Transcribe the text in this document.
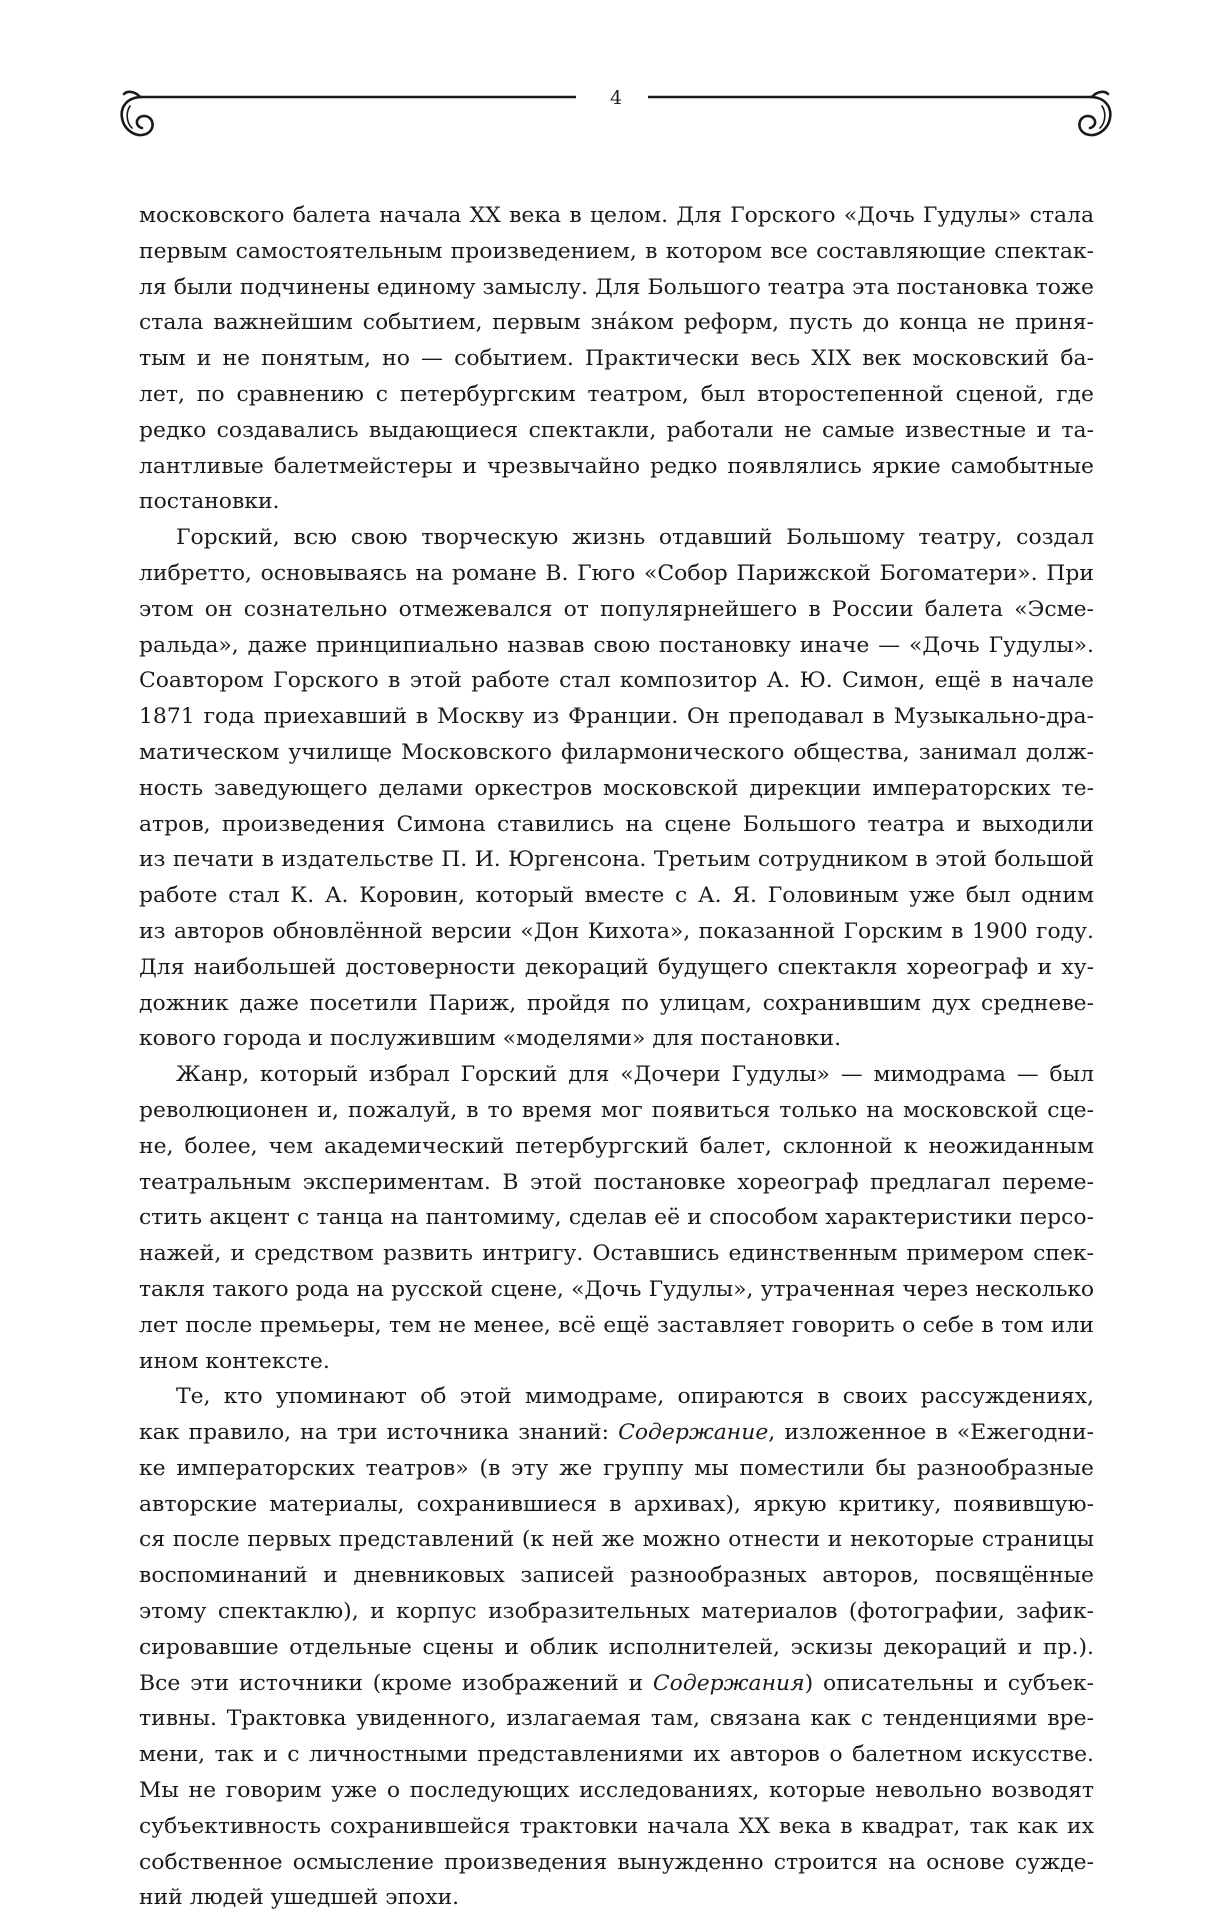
4
московского балета начала XX века в целом. Для Горского «Дочь Гудулы» стала
первым самостоятельным произведением, в котором все составляющие спектак-
ля были подчинены единому замыслу. Для Большого театра эта постановка тоже
стала важнейшим событием, первым зна́ком реформ, пусть до конца не приня-
тым и не понятым, но — событием. Практически весь XIX век московский ба-
лет, по сравнению с петербургским театром, был второстепенной сценой, где
редко создавались выдающиеся спектакли, работали не самые известные и та-
лантливые балетмейстеры и чрезвычайно редко появлялись яркие самобытные
постановки.
Горский, всю свою творческую жизнь отдавший Большому театру, создал
либретто, основываясь на романе В. Гюго «Собор Парижской Богоматери». При
этом он сознательно отмежевался от популярнейшего в России балета «Эсме-
ральда», даже принципиально назвав свою постановку иначе — «Дочь Гудулы».
Соавтором Горского в этой работе стал композитор А. Ю. Симон, ещё в начале
1871 года приехавший в Москву из Франции. Он преподавал в Музыкально-дра-
матическом училище Московского филармонического общества, занимал долж-
ность заведующего делами оркестров московской дирекции императорских те-
атров, произведения Симона ставились на сцене Большого театра и выходили
из печати в издательстве П. И. Юргенсона. Третьим сотрудником в этой большой
работе стал К. А. Коровин, который вместе с А. Я. Головиным уже был одним
из авторов обновлённой версии «Дон Кихота», показанной Горским в 1900 году.
Для наибольшей достоверности декораций будущего спектакля хореограф и ху-
дожник даже посетили Париж, пройдя по улицам, сохранившим дух средневе-
кового города и послужившим «моделями» для постановки.
Жанр, который избрал Горский для «Дочери Гудулы» — мимодрама — был
революционен и, пожалуй, в то время мог появиться только на московской сце-
не, более, чем академический петербургский балет, склонной к неожиданным
театральным экспериментам. В этой постановке хореограф предлагал переме-
стить акцент с танца на пантомиму, сделав её и способом характеристики персо-
нажей, и средством развить интригу. Оставшись единственным примером спек-
такля такого рода на русской сцене, «Дочь Гудулы», утраченная через несколько
лет после премьеры, тем не менее, всё ещё заставляет говорить о себе в том или
ином контексте.
Те, кто упоминают об этой мимодраме, опираются в своих рассуждениях,
как правило, на три источника знаний: Содержание, изложенное в «Ежегодни-
ке императорских театров» (в эту же группу мы поместили бы разнообразные
авторские материалы, сохранившиеся в архивах), яркую критику, появившую-
ся после первых представлений (к ней же можно отнести и некоторые страницы
воспоминаний и дневниковых записей разнообразных авторов, посвящённые
этому спектаклю), и корпус изобразительных материалов (фотографии, зафик-
сировавшие отдельные сцены и облик исполнителей, эскизы декораций и пр.).
Все эти источники (кроме изображений и Содержания) описательны и субъек-
тивны. Трактовка увиденного, излагаемая там, связана как с тенденциями вре-
мени, так и с личностными представлениями их авторов о балетном искусстве.
Мы не говорим уже о последующих исследованиях, которые невольно возводят
субъективность сохранившейся трактовки начала XX века в квадрат, так как их
собственное осмысление произведения вынужденно строится на основе сужде-
ний людей ушедшей эпохи.
